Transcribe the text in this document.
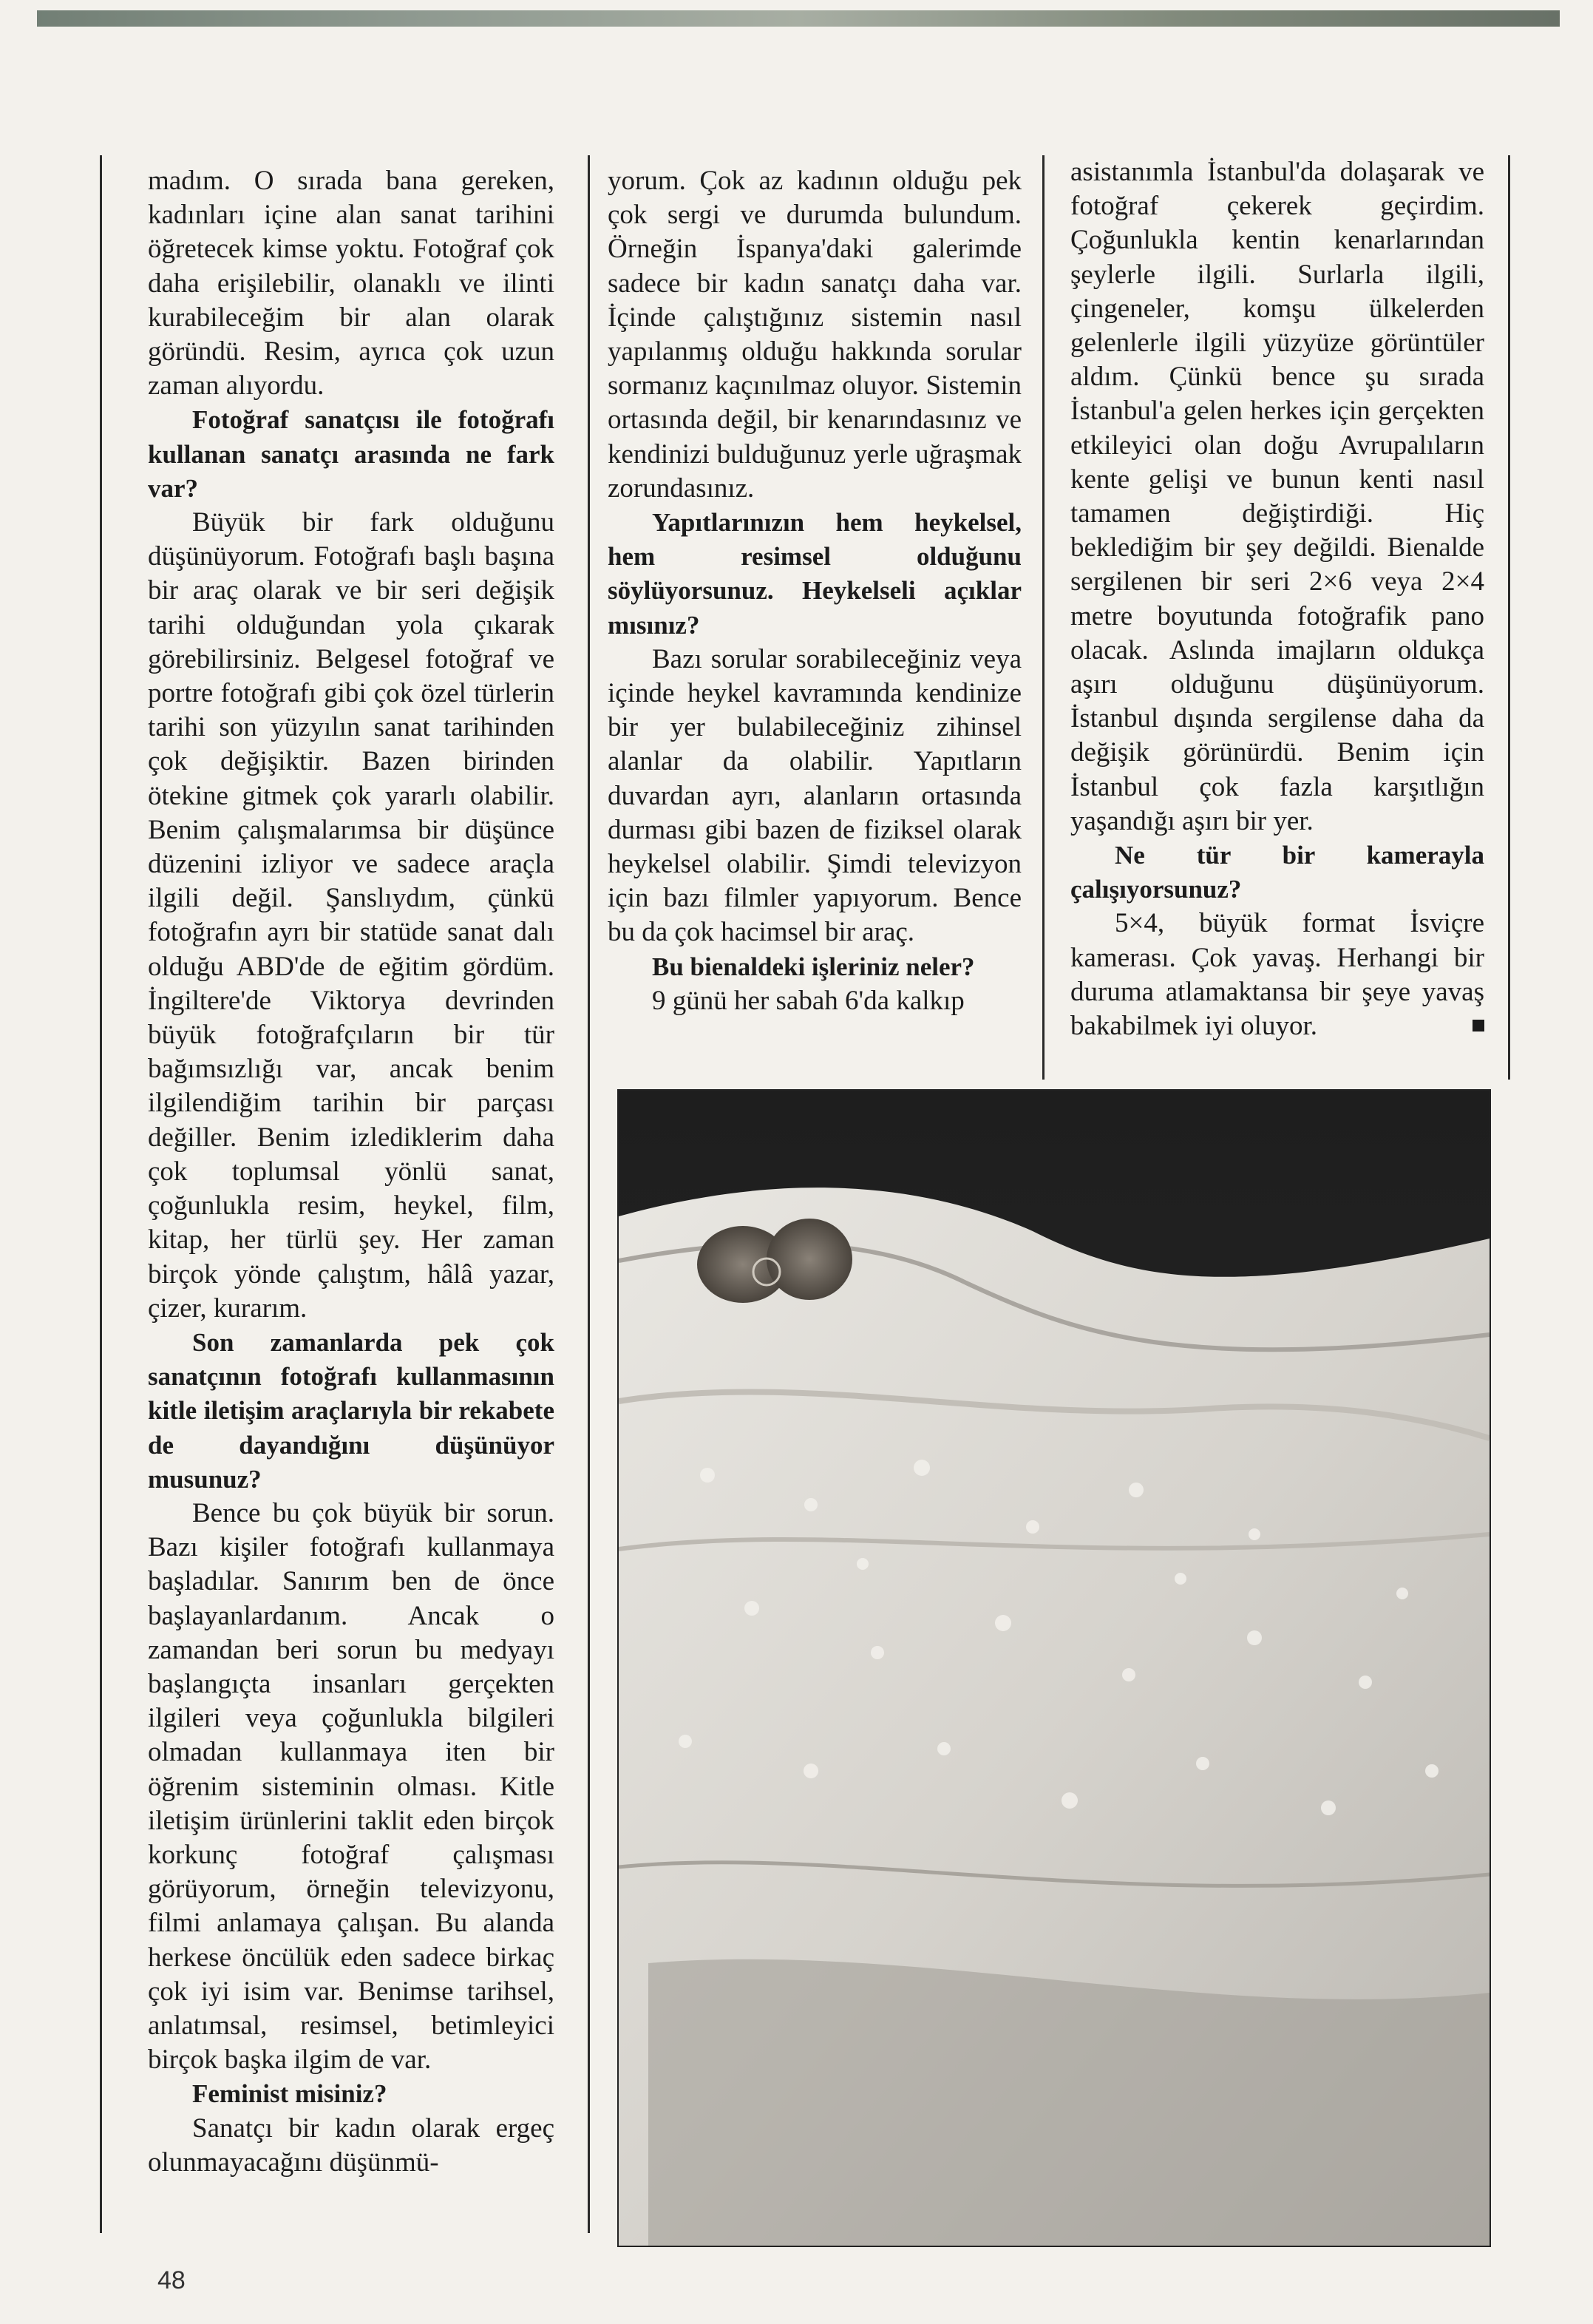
madım. O sırada bana gereken, kadınları içine alan sanat tarihini öğretecek kimse yoktu. Fotoğraf çok daha erişilebilir, olanaklı ve ilinti kurabileceğim bir alan olarak göründü. Resim, ayrıca çok uzun zaman alıyordu.

Fotoğraf sanatçısı ile fotoğrafı kullanan sanatçı arasında ne fark var?

Büyük bir fark olduğunu düşünüyorum. Fotoğrafı başlı başına bir araç olarak ve bir seri değişik tarihi olduğundan yola çıkarak görebilirsiniz. Belgesel fotoğraf ve portre fotoğrafı gibi çok özel türlerin tarihi son yüzyılın sanat tarihinden çok değişiktir. Bazen birinden ötekine gitmek çok yararlı olabilir. Benim çalışmalarımsa bir düşünce düzenini izliyor ve sadece araçla ilgili değil. Şanslıydım, çünkü fotoğrafın ayrı bir statüde sanat dalı olduğu ABD'de de eğitim gördüm. İngiltere'de Viktorya devrinden büyük fotoğrafçıların bir tür bağımsızlığı var, ancak benim ilgilendiğim tarihin bir parçası değiller. Benim izlediklerim daha çok toplumsal yönlü sanat, çoğunlukla resim, heykel, film, kitap, her türlü şey. Her zaman birçok yönde çalıştım, hâlâ yazar, çizer, kurarım.

Son zamanlarda pek çok sanatçının fotoğrafı kullanmasının kitle iletişim araçlarıyla bir rekabete de dayandığını düşünüyor musunuz?

Bence bu çok büyük bir sorun. Bazı kişiler fotoğrafı kullanmaya başladılar. Sanırım ben de önce başlayanlardanım. Ancak o zamandan beri sorun bu medyayı başlangıçta insanları gerçekten ilgileri veya çoğunlukla bilgileri olmadan kullanmaya iten bir öğrenim sisteminin olması. Kitle iletişim ürünlerini taklit eden birçok korkunç fotoğraf çalışması görüyorum, örneğin televizyonu, filmi anlamaya çalışan. Bu alanda herkese öncülük eden sadece birkaç çok iyi isim var. Benimse tarihsel, anlatımsal, resimsel, betimleyici birçok başka ilgim de var.

Feminist misiniz?

Sanatçı bir kadın olarak ergeç olunmayacağını düşünmü-

yorum. Çok az kadının olduğu pek çok sergi ve durumda bulundum. Örneğin İspanya'daki galerimde sadece bir kadın sanatçı daha var. İçinde çalıştığınız sistemin nasıl yapılanmış olduğu hakkında sorular sormanız kaçınılmaz oluyor. Sistemin ortasında değil, bir kenarındasınız ve kendinizi bulduğunuz yerle uğraşmak zorundasınız.

Yapıtlarınızın hem heykelsel, hem resimsel olduğunu söylüyorsunuz. Heykelseli açıklar mısınız?

Bazı sorular sorabileceğiniz veya içinde heykel kavramında kendinize bir yer bulabileceğiniz zihinsel alanlar da olabilir. Yapıtların duvardan ayrı, alanların ortasında durması gibi bazen de fiziksel olarak heykelsel olabilir. Şimdi televizyon için bazı filmler yapıyorum. Bence bu da çok hacimsel bir araç.

Bu bienaldeki işleriniz neler?

9 günü her sabah 6'da kalkıp

asistanımla İstanbul'da dolaşarak ve fotoğraf çekerek geçirdim. Çoğunlukla kentin kenarlarından şeylerle ilgili. Surlarla ilgili, çingeneler, komşu ülkelerden gelenlerle ilgili yüzyüze görüntüler aldım. Çünkü bence şu sırada İstanbul'a gelen herkes için gerçekten etkileyici olan doğu Avrupalıların kente gelişi ve bunun kenti nasıl tamamen değiştirdiği. Hiç beklediğim bir şey değildi. Bienalde sergilenen bir seri 2×6 veya 2×4 metre boyutunda fotoğrafik pano olacak. Aslında imajların oldukça aşırı olduğunu düşünüyorum. İstanbul dışında sergilense daha da değişik görünürdü. Benim için İstanbul çok fazla karşıtlığın yaşandığı aşırı bir yer.

Ne tür bir kamerayla çalışıyorsunuz?

5×4, büyük format İsviçre kamerası. Çok yavaş. Herhangi bir duruma atlamaktansa bir şeye yavaş bakabilmek iyi oluyor.

48
